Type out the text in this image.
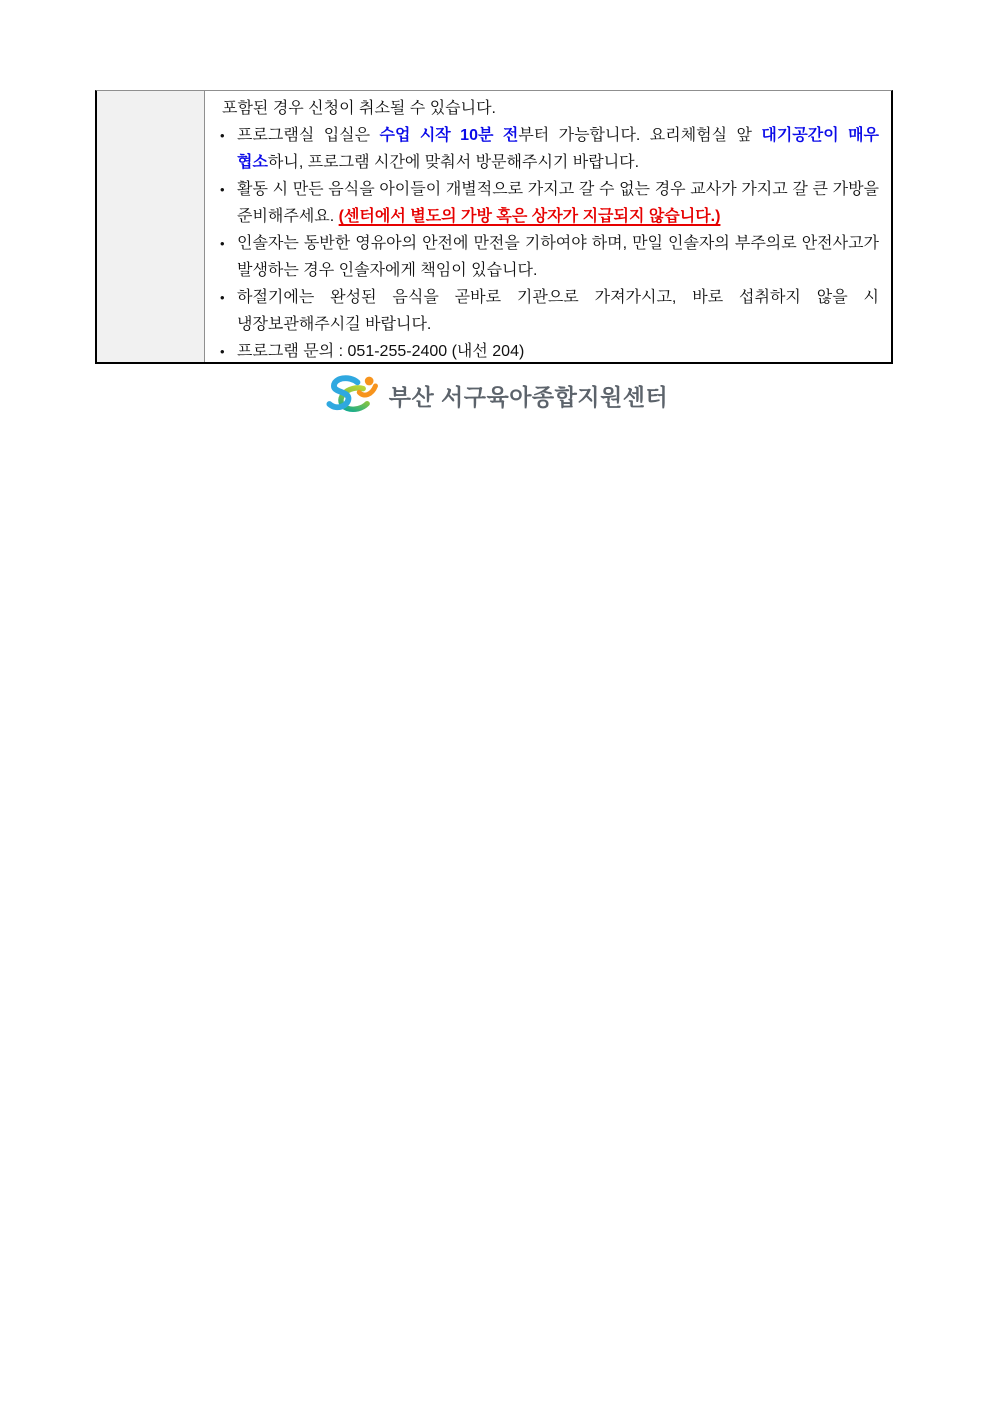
포함된 경우 신청이 취소될 수 있습니다.

• 프로그램실 입실은 수업 시작 10분 전부터 가능합니다. 요리체험실 앞 대기공간이 매우 협소하니, 프로그램 시간에 맞춰서 방문해주시기 바랍니다.
• 활동 시 만든 음식을 아이들이 개별적으로 가지고 갈 수 없는 경우 교사가 가지고 갈 큰 가방을 준비해주세요. (센터에서 별도의 가방 혹은 상자가 지급되지 않습니다.)
• 인솔자는 동반한 영유아의 안전에 만전을 기하여야 하며, 만일 인솔자의 부주의로 안전사고가 발생하는 경우 인솔자에게 책임이 있습니다.
• 하절기에는 완성된 음식을 곧바로 기관으로 가져가시고, 바로 섭취하지 않을 시 냉장보관해주시길 바랍니다.
• 프로그램 문의 : 051-255-2400 (내선 204)
부산 서구육아종합지원센터
